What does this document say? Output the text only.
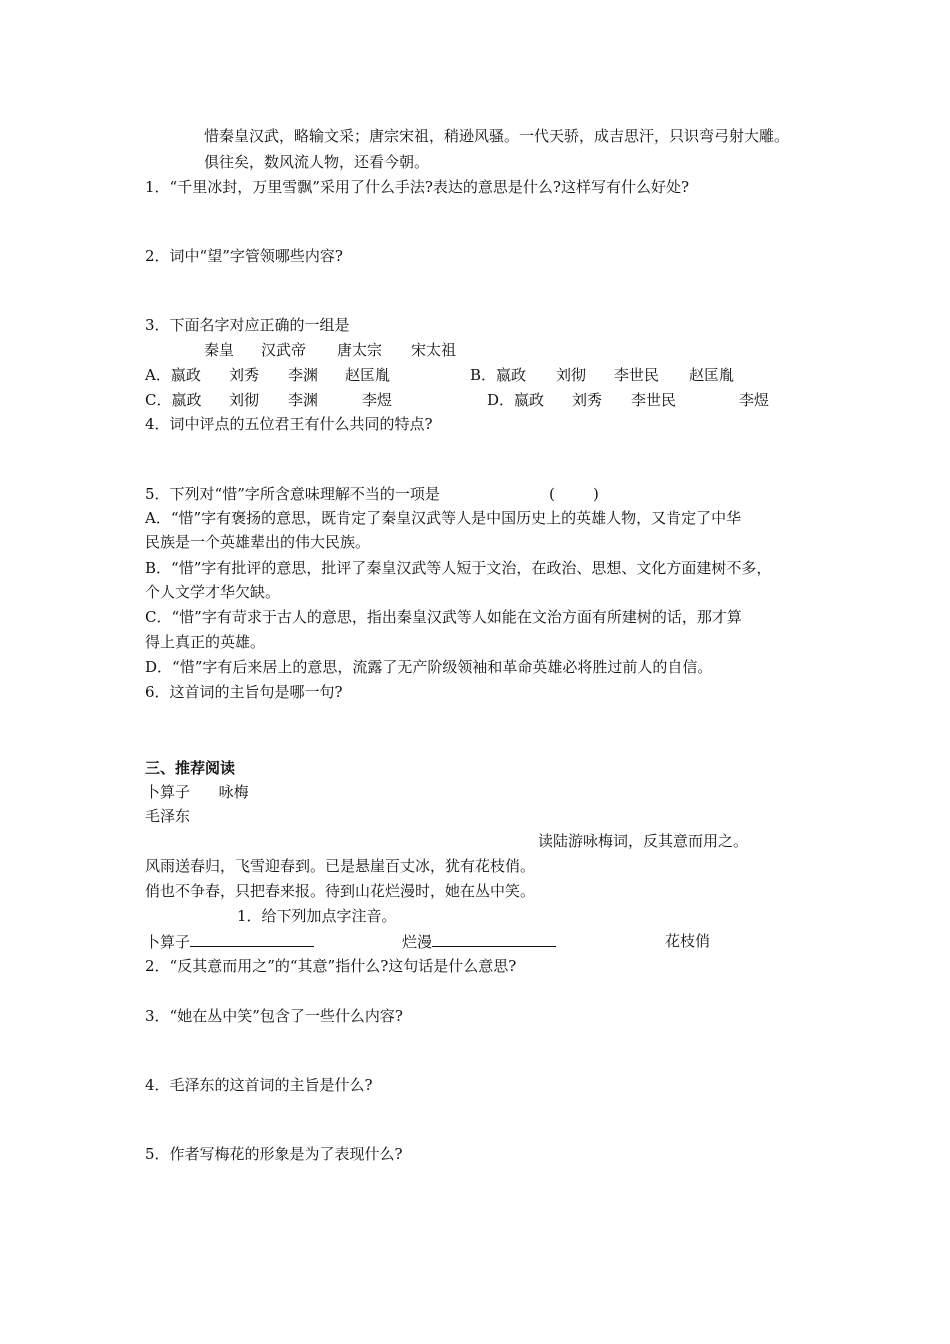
惜秦皇汉武，略输文采；唐宗宋祖，稍逊风骚。一代天骄，成吉思汗，只识弯弓射大雕。
俱往矣，数风流人物，还看今朝。
1．“千里冰封，万里雪飘”采用了什么手法?表达的意思是什么?这样写有什么好处?
2．词中“望”字管领哪些内容?
3．下面名字对应正确的一组是
秦皇 汉武帝 唐太宗 宋太祖
A．嬴政 刘秀 李渊 赵匡胤	B．嬴政 刘彻 李世民 赵匡胤
C．嬴政 刘彻 李渊	李煜	D．嬴政 刘秀 李世民	李煜
4．词中评点的五位君王有什么共同的特点?
5．下列对“惜”字所含意味理解不当的一项是	(        )
A．“惜”字有褒扬的意思，既肯定了秦皇汉武等人是中国历史上的英雄人物，又肯定了中华
民族是一个英雄辈出的伟大民族。
B．“惜”字有批评的意思，批评了秦皇汉武等人短于文治，在政治、思想、文化方面建树不多，
个人文学才华欠缺。
C．“惜”字有苛求于古人的意思，指出秦皇汉武等人如能在文治方面有所建树的话，那才算
得上真正的英雄。
D．“惜”字有后来居上的意思，流露了无产阶级领袖和革命英雄必将胜过前人的自信。
6．这首词的主旨句是哪一句?
三、推荐阅读
卜算子      咏梅
毛泽东
读陆游咏梅词，反其意而用之。
风雨送春归，飞雪迎春到。已是悬崖百丈冰，犹有花枝俏。
俏也不争春，只把春来报。待到山花烂漫时，她在丛中笑。
1．给下列加点字注音。
卜算子	烂漫	花枝俏
2．“反其意而用之”的“其意”指什么?这句话是什么意思?
3．“她在丛中笑”包含了一些什么内容?
4．毛泽东的这首词的主旨是什么?
5．作者写梅花的形象是为了表现什么?
